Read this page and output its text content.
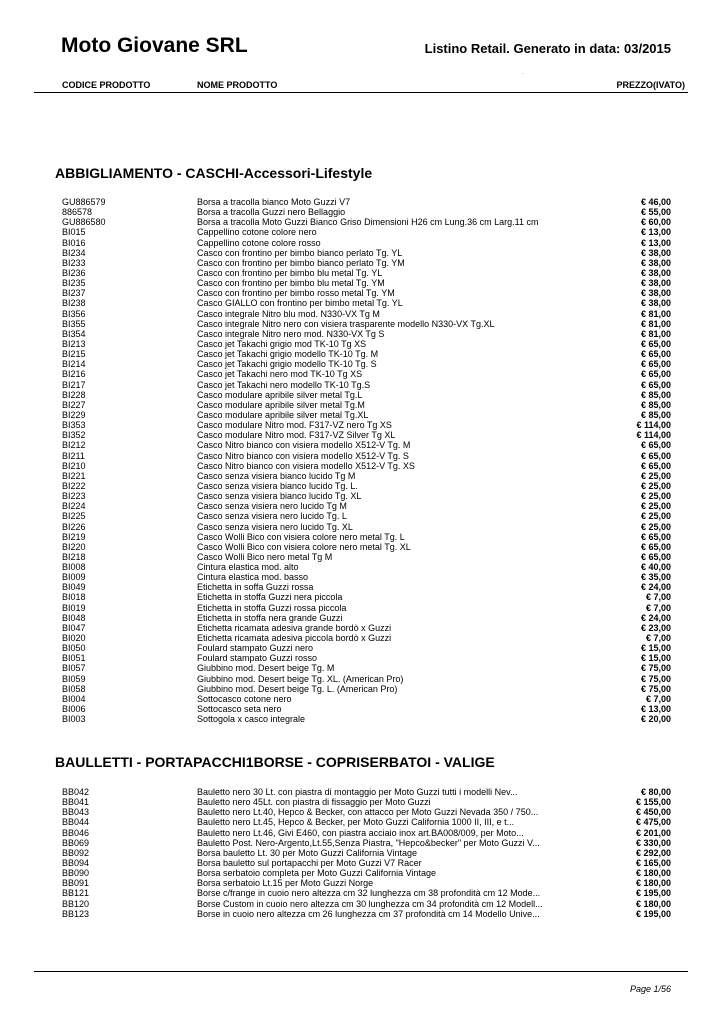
Moto Giovane SRL	Listino Retail. Generato in data: 03/2015
.
CODICE PRODOTTO	NOME PRODOTTO	PREZZO(IVATO)
ABBIGLIAMENTO - CASCHI-Accessori-Lifestyle
GU886579	Borsa a tracolla bianco Moto Guzzi V7	€ 46,00
886578	Borsa a tracolla Guzzi nero Bellaggio	€ 55,00
GU886580	Borsa a tracolla Moto Guzzi Bianco Griso Dimensioni H26 cm Lung.36 cm Larg.11 cm	€ 60,00
BI015	Cappellino cotone colore nero	€ 13,00
BI016	Cappellino cotone colore rosso	€ 13,00
BI234	Casco con frontino per bimbo bianco perlato Tg. YL	€ 38,00
BI233	Casco con frontino per bimbo bianco perlato Tg. YM	€ 38,00
BI236	Casco con frontino per bimbo blu metal Tg. YL	€ 38,00
BI235	Casco con frontino per bimbo blu metal Tg. YM	€ 38,00
BI237	Casco con frontino per bimbo rosso metal Tg. YM	€ 38,00
BI238	Casco GIALLO con frontino per bimbo metal Tg. YL	€ 38,00
BI356	Casco integrale Nitro blu mod. N330-VX Tg M	€ 81,00
BI355	Casco integrale Nitro nero con visiera trasparente modello N330-VX Tg.XL	€ 81,00
BI354	Casco integrale Nitro nero mod. N330-VX Tg S	€ 81,00
BI213	Casco jet Takachi grigio mod TK-10 Tg XS	€ 65,00
BI215	Casco jet Takachi grigio modello TK-10 Tg. M	€ 65,00
BI214	Casco jet Takachi grigio modello TK-10 Tg. S	€ 65,00
BI216	Casco jet Takachi nero mod TK-10 Tg XS	€ 65,00
BI217	Casco jet Takachi nero modello TK-10 Tg.S	€ 65,00
BI228	Casco modulare apribile silver metal Tg.L	€ 85,00
BI227	Casco modulare apribile silver metal Tg.M	€ 85,00
BI229	Casco modulare apribile silver metal Tg.XL	€ 85,00
BI353	Casco modulare Nitro mod. F317-VZ nero Tg XS	€ 114,00
BI352	Casco modulare Nitro mod. F317-VZ Silver Tg XL	€ 114,00
BI212	Casco Nitro bianco con visiera modello X512-V Tg. M	€ 65,00
BI211	Casco Nitro bianco con visiera modello X512-V Tg. S	€ 65,00
BI210	Casco Nitro bianco con visiera modello X512-V Tg. XS	€ 65,00
BI221	Casco senza visiera bianco lucido Tg M	€ 25,00
BI222	Casco senza visiera bianco lucido Tg. L.	€ 25,00
BI223	Casco senza visiera bianco lucido Tg. XL	€ 25,00
BI224	Casco senza visiera nero lucido Tg M	€ 25,00
BI225	Casco senza visiera nero lucido Tg. L	€ 25,00
BI226	Casco senza visiera nero lucido Tg. XL	€ 25,00
BI219	Casco Wolli Bico con visiera colore nero metal Tg. L	€ 65,00
BI220	Casco Wolli Bico con visiera colore nero metal Tg. XL	€ 65,00
BI218	Casco Wolli Bico nero metal Tg M	€ 65,00
BI008	Cintura elastica mod. alto	€ 40,00
BI009	Cintura elastica mod. basso	€ 35,00
BI049	Etichetta in soffa Guzzi rossa	€ 24,00
BI018	Etichetta in stoffa Guzzi nera piccola	€ 7,00
BI019	Etichetta in stoffa Guzzi rossa piccola	€ 7,00
BI048	Etichetta in stoffa nera grande Guzzi	€ 24,00
BI047	Etichetta ricamata adesiva grande bordò x Guzzi	€ 23,00
BI020	Etichetta ricamata adesiva piccola bordò x Guzzi	€ 7,00
BI050	Foulard stampato Guzzi nero	€ 15,00
BI051	Foulard stampato Guzzi rosso	€ 15,00
BI057	Giubbino mod. Desert beige Tg. M	€ 75,00
BI059	Giubbino mod. Desert beige Tg. XL. (American Pro)	€ 75,00
BI058	Giubbino mod. Desert beige Tg. L. (American Pro)	€ 75,00
BI004	Sottocasco cotone nero	€ 7,00
BI006	Sottocasco seta nero	€ 13,00
BI003	Sottogola x casco integrale	€ 20,00
BAULLETTI - PORTAPACCHI1BORSE - COPRISERBATOI - VALIGE
BB042	Bauletto nero 30 Lt. con piastra di montaggio per Moto Guzzi tutti i modelli Nev...	€ 80,00
BB041	Bauletto nero 45Lt. con piastra di fissaggio per Moto Guzzi	€ 155,00
BB043	Bauletto nero Lt.40, Hepco & Becker, con attacco per Moto Guzzi Nevada 350 / 750...	€ 450,00
BB044	Bauletto nero Lt.45, Hepco & Becker, per Moto Guzzi California 1000 II, III, e t...	€ 475,00
BB046	Bauletto nero Lt.46, Givi E460, con piastra acciaio inox art.BA008/009, per Moto...	€ 201,00
BB069	Bauletto Post. Nero-Argento,Lt.55,Senza Piastra, "Hepco&becker" per Moto Guzzi V...	€ 330,00
BB092	Borsa bauletto Lt. 30 per Moto Guzzi California Vintage	€ 292,00
BB094	Borsa bauletto sul portapacchi per Moto Guzzi V7 Racer	€ 165,00
BB090	Borsa serbatoio completa per Moto Guzzi California Vintage	€ 180,00
BB091	Borsa serbatoio Lt.15 per Moto Guzzi Norge	€ 180,00
BB121	Borse c/frange in cuoio nero altezza cm 32 lunghezza cm 38 profondità cm 12 Mode...	€ 195,00
BB120	Borse Custom in cuoio nero altezza cm 30 lunghezza cm 34 profondità cm 12 Modell...	€ 180,00
BB123	Borse in cuoio nero altezza cm 26 lunghezza cm 37 profondità cm 14 Modello Unive...	€ 195,00
Page 1/56
